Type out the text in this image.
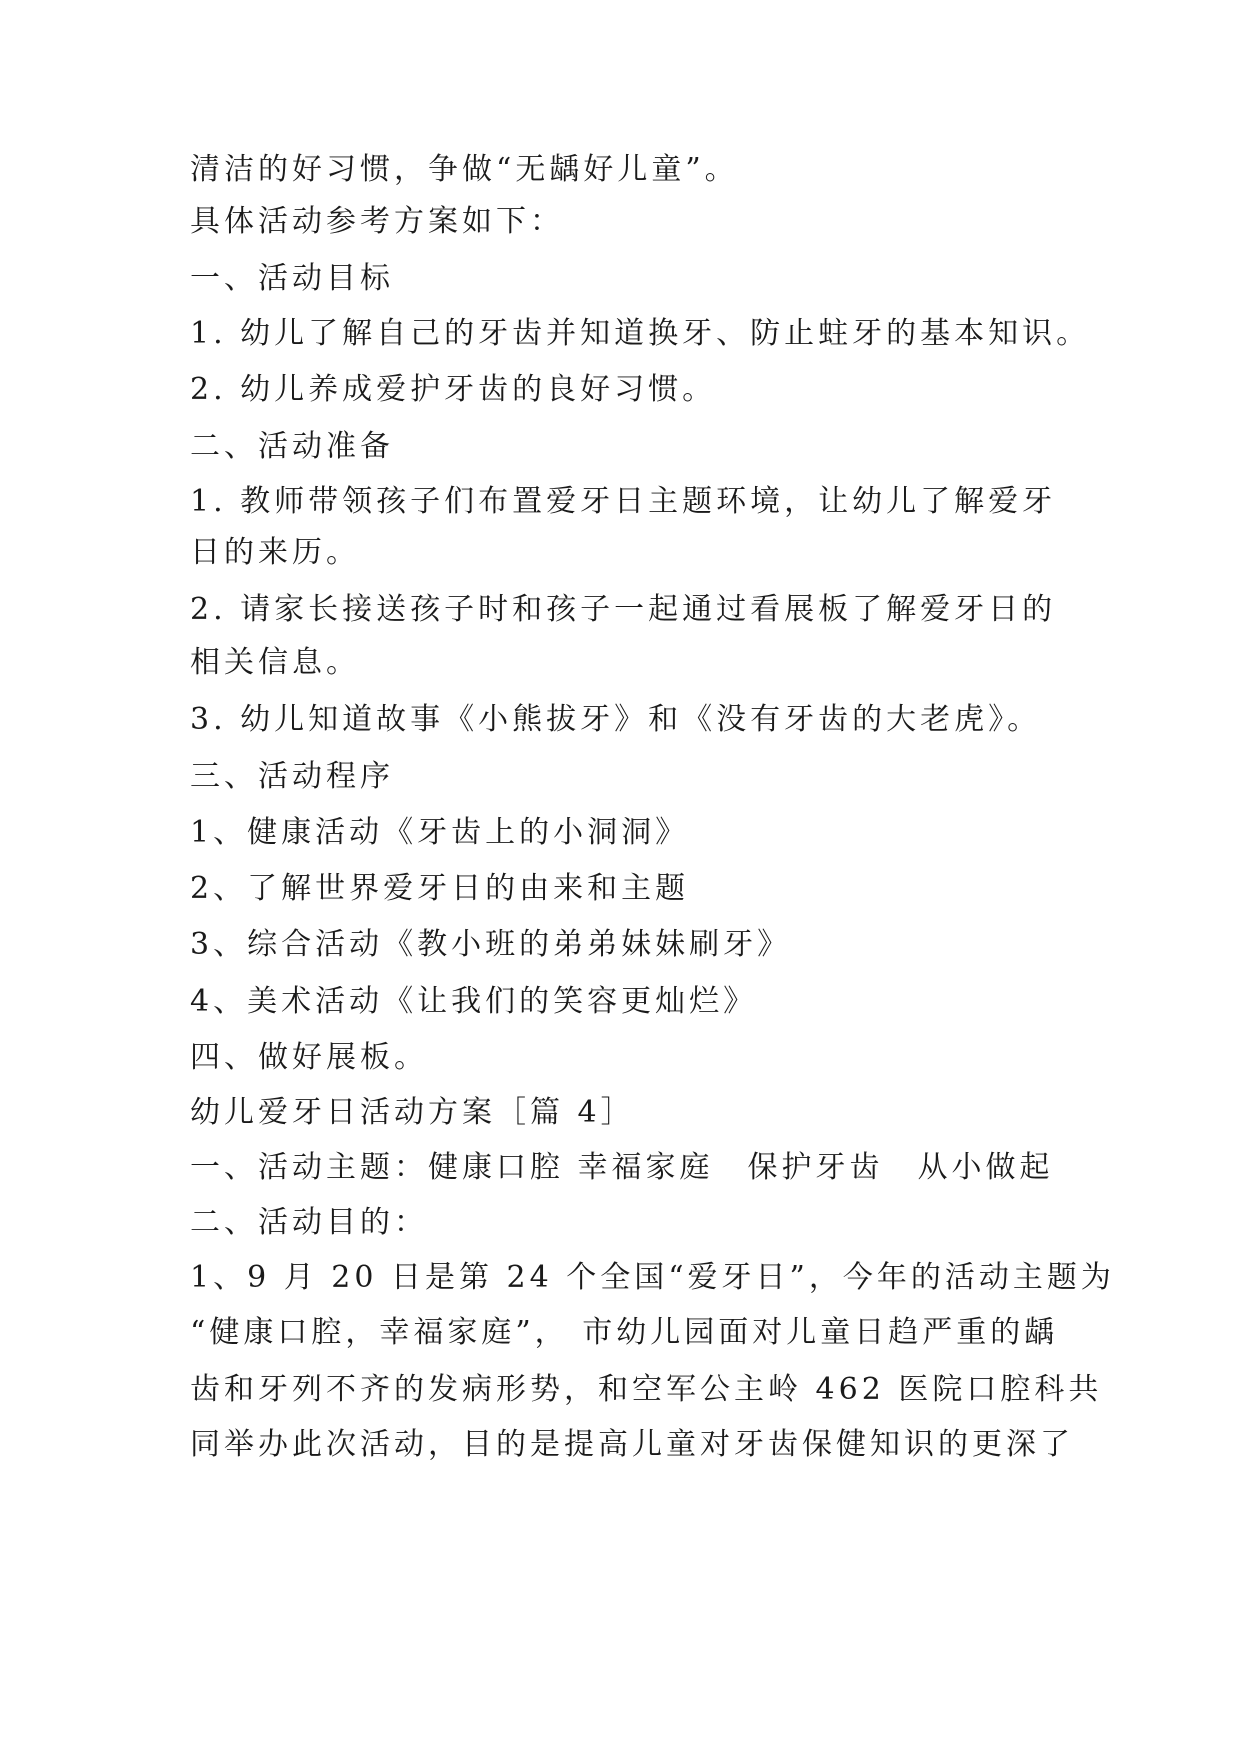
清洁的好习惯，争做“无龋好儿童”。
具体活动参考方案如下：
一、活动目标
1. 幼儿了解自己的牙齿并知道换牙、防止蛀牙的基本知识。
2. 幼儿养成爱护牙齿的良好习惯。
二、活动准备
1. 教师带领孩子们布置爱牙日主题环境，让幼儿了解爱牙
日的来历。
2. 请家长接送孩子时和孩子一起通过看展板了解爱牙日的
相关信息。
3. 幼儿知道故事《小熊拔牙》和《没有牙齿的大老虎》。
三、活动程序
1、健康活动《牙齿上的小洞洞》
2、了解世界爱牙日的由来和主题
3、综合活动《教小班的弟弟妹妹刷牙》
4、美术活动《让我们的笑容更灿烂》
四、做好展板。
幼儿爱牙日活动方案［篇 4］
一、活动主题：健康口腔 幸福家庭　保护牙齿　从小做起
二、活动目的：
1、9 月 20 日是第 24 个全国“爱牙日”，今年的活动主题为
“健康口腔，幸福家庭”， 市幼儿园面对儿童日趋严重的龋
齿和牙列不齐的发病形势，和空军公主岭 462 医院口腔科共
同举办此次活动，目的是提高儿童对牙齿保健知识的更深了
